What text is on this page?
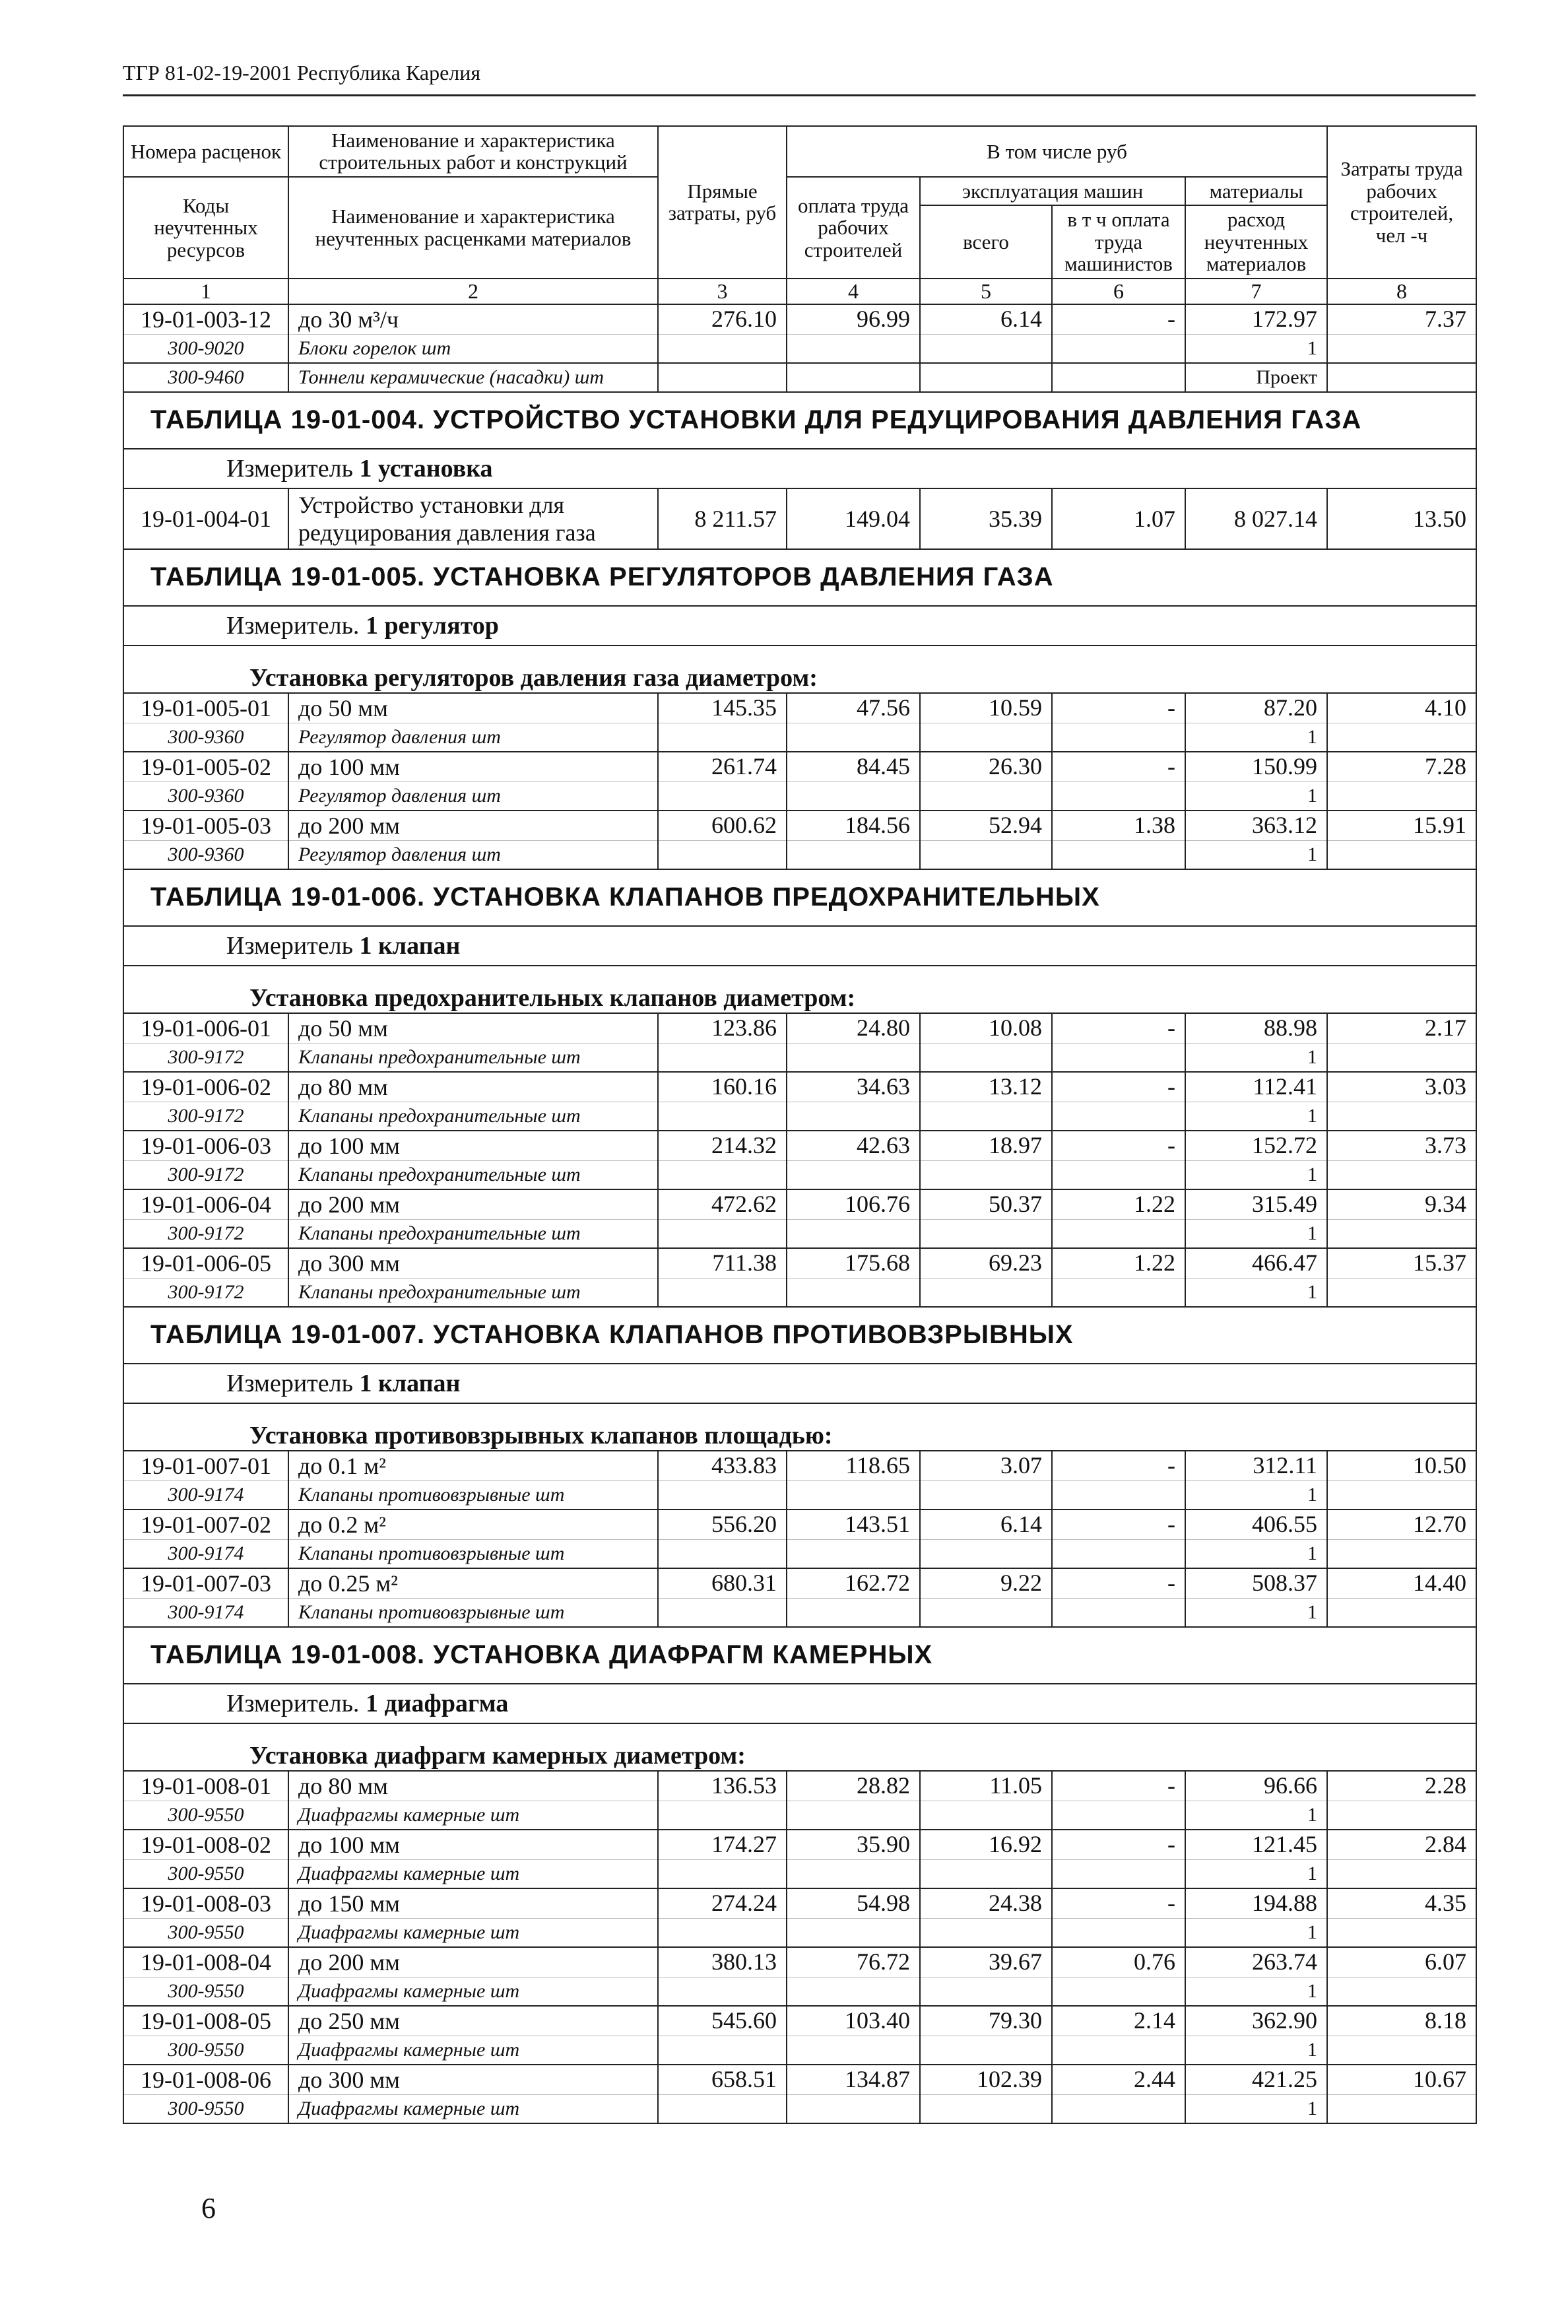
ТГР 81-02-19-2001 Республика Карелия
Номера расценок	Наименование и характеристика строительных работ и конструкций	Прямые затраты, руб	В том числе руб				Затраты труда рабочих строителей, чел -ч
Коды неучтенных ресурсов	Наименование и характеристика неучтенных расценками материалов		оплата труда рабочих строителей	эксплуатация машин		материалы	
				всего	в т ч оплата труда машинистов	расход неучтенных материалов	

1	2	3	4	5	6	7	8
19-01-003-12	до 30 м³/ч	276.10	96.99	6.14	-	172.97	7.37
300-9020	Блоки горелок шт					1	
300-9460	Тоннели керамические (насадки) шт					Проект	
ТАБЛИЦА 19-01-004. УСТРОЙСТВО УСТАНОВКИ ДЛЯ РЕДУЦИРОВАНИЯ ДАВЛЕНИЯ ГАЗА							
Измеритель 1 установка							
19-01-004-01	Устройство установки для редуцирования давления газа	8 211.57	149.04	35.39	1.07	8 027.14	13.50
ТАБЛИЦА 19-01-005. УСТАНОВКА РЕГУЛЯТОРОВ ДАВЛЕНИЯ ГАЗА							
Измеритель. 1 регулятор							
Установка регуляторов давления газа диаметром:							
19-01-005-01	до 50 мм	145.35	47.56	10.59	-	87.20	4.10
300-9360	Регулятор давления шт					1	
19-01-005-02	до 100 мм	261.74	84.45	26.30	-	150.99	7.28
300-9360	Регулятор давления шт					1	
19-01-005-03	до 200 мм	600.62	184.56	52.94	1.38	363.12	15.91
300-9360	Регулятор давления шт					1	
ТАБЛИЦА 19-01-006. УСТАНОВКА КЛАПАНОВ ПРЕДОХРАНИТЕЛЬНЫХ							
Измеритель 1 клапан							
Установка предохранительных клапанов диаметром:							
19-01-006-01	до 50 мм	123.86	24.80	10.08	-	88.98	2.17
300-9172	Клапаны предохранительные шт					1	
19-01-006-02	до 80 мм	160.16	34.63	13.12	-	112.41	3.03
300-9172	Клапаны предохранительные шт					1	
19-01-006-03	до 100 мм	214.32	42.63	18.97	-	152.72	3.73
300-9172	Клапаны предохранительные шт					1	
19-01-006-04	до 200 мм	472.62	106.76	50.37	1.22	315.49	9.34
300-9172	Клапаны предохранительные шт					1	
19-01-006-05	до 300 мм	711.38	175.68	69.23	1.22	466.47	15.37
300-9172	Клапаны предохранительные шт					1	
ТАБЛИЦА 19-01-007. УСТАНОВКА КЛАПАНОВ ПРОТИВОВЗРЫВНЫХ							
Измеритель 1 клапан							
Установка противовзрывных клапанов площадью:							
19-01-007-01	до 0.1 м²	433.83	118.65	3.07	-	312.11	10.50
300-9174	Клапаны противовзрывные шт					1	
19-01-007-02	до 0.2 м²	556.20	143.51	6.14	-	406.55	12.70
300-9174	Клапаны противовзрывные шт					1	
19-01-007-03	до 0.25 м²	680.31	162.72	9.22	-	508.37	14.40
300-9174	Клапаны противовзрывные шт					1	
ТАБЛИЦА 19-01-008. УСТАНОВКА ДИАФРАГМ КАМЕРНЫХ							
Измеритель. 1 диафрагма							
Установка диафрагм камерных диаметром:							
19-01-008-01	до 80 мм	136.53	28.82	11.05	-	96.66	2.28
300-9550	Диафрагмы камерные шт					1	
19-01-008-02	до 100 мм	174.27	35.90	16.92	-	121.45	2.84
300-9550	Диафрагмы камерные шт					1	
19-01-008-03	до 150 мм	274.24	54.98	24.38	-	194.88	4.35
300-9550	Диафрагмы камерные шт					1	
19-01-008-04	до 200 мм	380.13	76.72	39.67	0.76	263.74	6.07
300-9550	Диафрагмы камерные шт					1	
19-01-008-05	до 250 мм	545.60	103.40	79.30	2.14	362.90	8.18
300-9550	Диафрагмы камерные шт					1	
19-01-008-06	до 300 мм	658.51	134.87	102.39	2.44	421.25	10.67
300-9550	Диафрагмы камерные шт					1	
6
